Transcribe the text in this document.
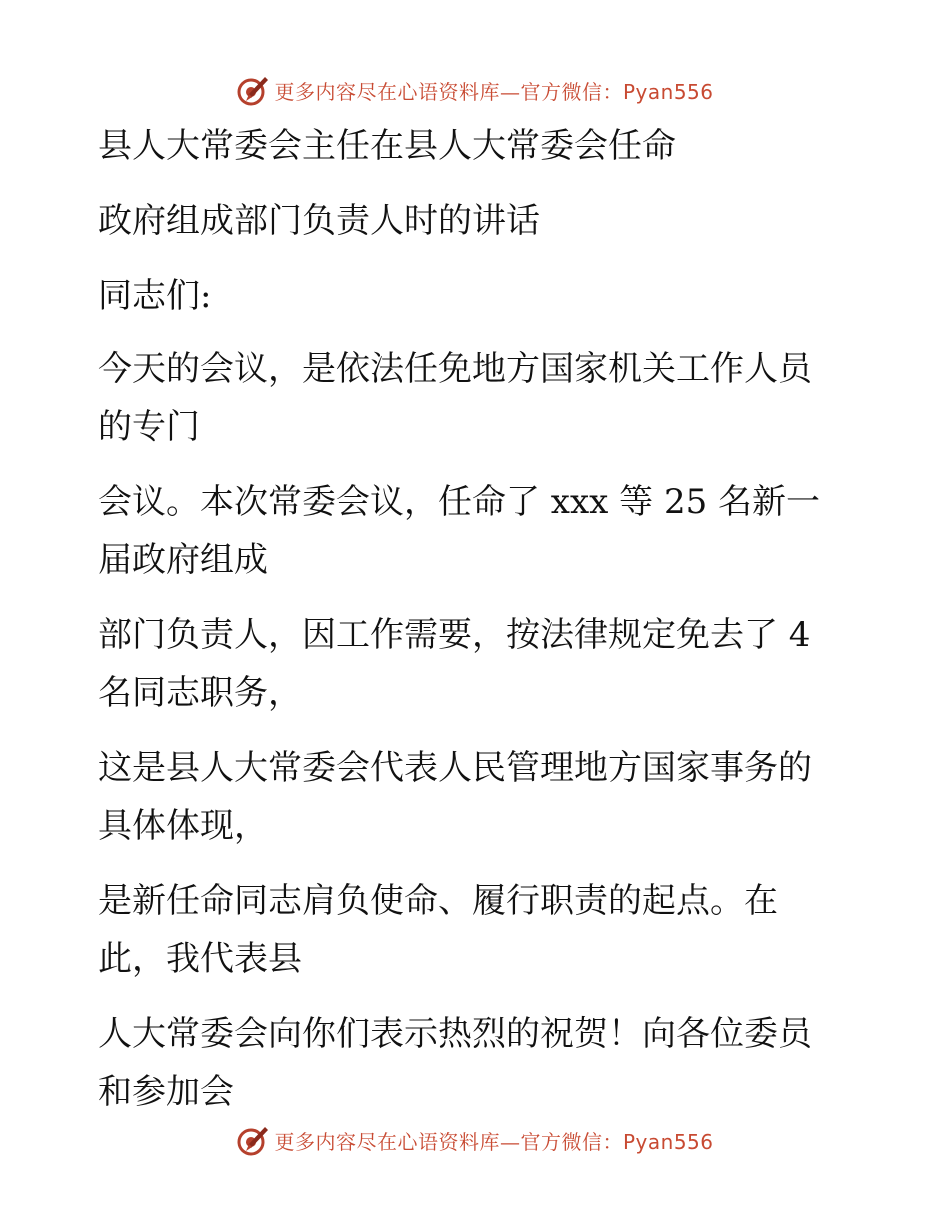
更多内容尽在心语资料库—官方微信：Pyan556
县人大常委会主任在县人大常委会任命
政府组成部门负责人时的讲话
同志们:
今天的会议，是依法任免地方国家机关工作人员
的专门
会议。本次常委会议，任命了 xxx 等 25 名新一
届政府组成
部门负责人，因工作需要，按法律规定免去了 4
名同志职务，
这是县人大常委会代表人民管理地方国家事务的
具体体现，
是新任命同志肩负使命、履行职责的起点。在
此，我代表县
人大常委会向你们表示热烈的祝贺！向各位委员
和参加会
更多内容尽在心语资料库—官方微信：Pyan556
